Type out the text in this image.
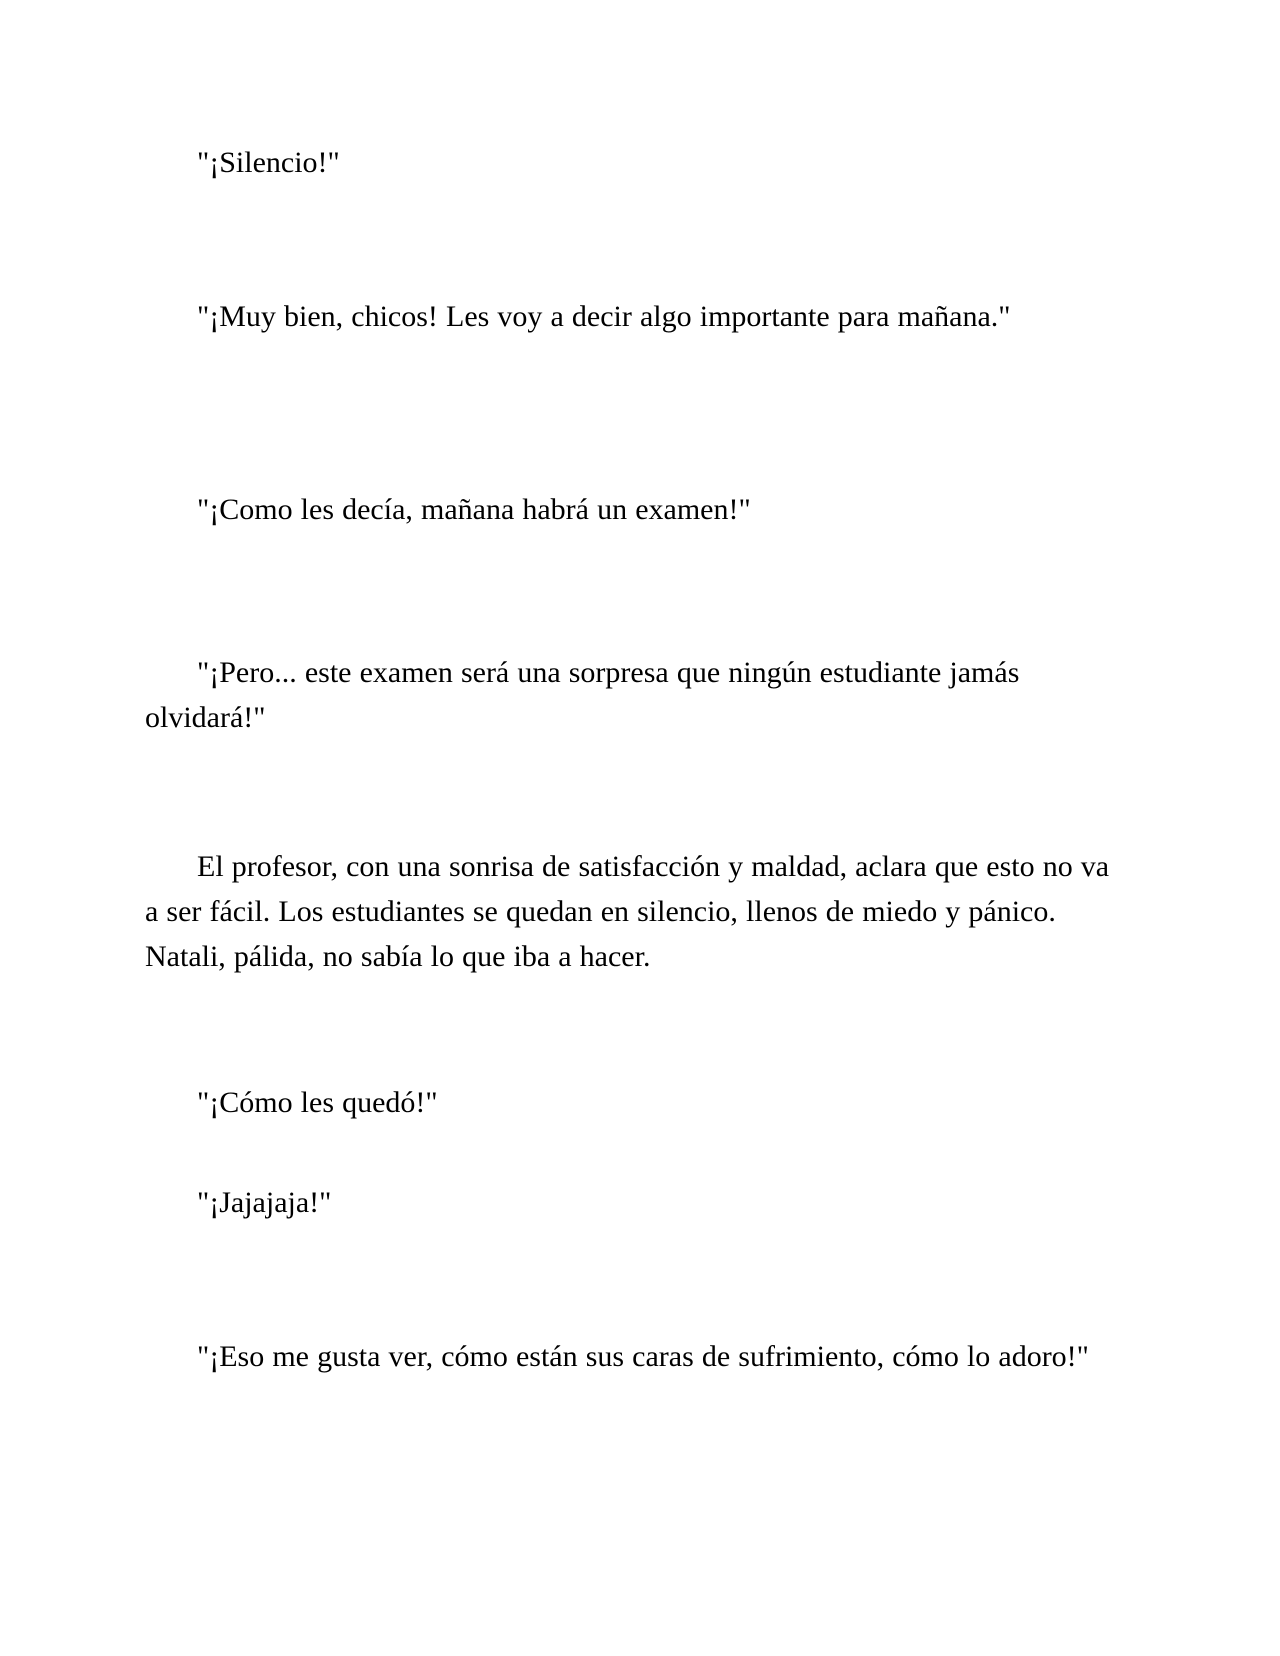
"¡Silencio!"

"¡Muy bien, chicos! Les voy a decir algo importante para mañana."

"¡Como les decía, mañana habrá un examen!"

"¡Pero... este examen será una sorpresa que ningún estudiante jamás olvidará!"

El profesor, con una sonrisa de satisfacción y maldad, aclara que esto no va a ser fácil. Los estudiantes se quedan en silencio, llenos de miedo y pánico. Natali, pálida, no sabía lo que iba a hacer.

"¡Cómo les quedó!"

"¡Jajajaja!"

"¡Eso me gusta ver, cómo están sus caras de sufrimiento, cómo lo adoro!"
